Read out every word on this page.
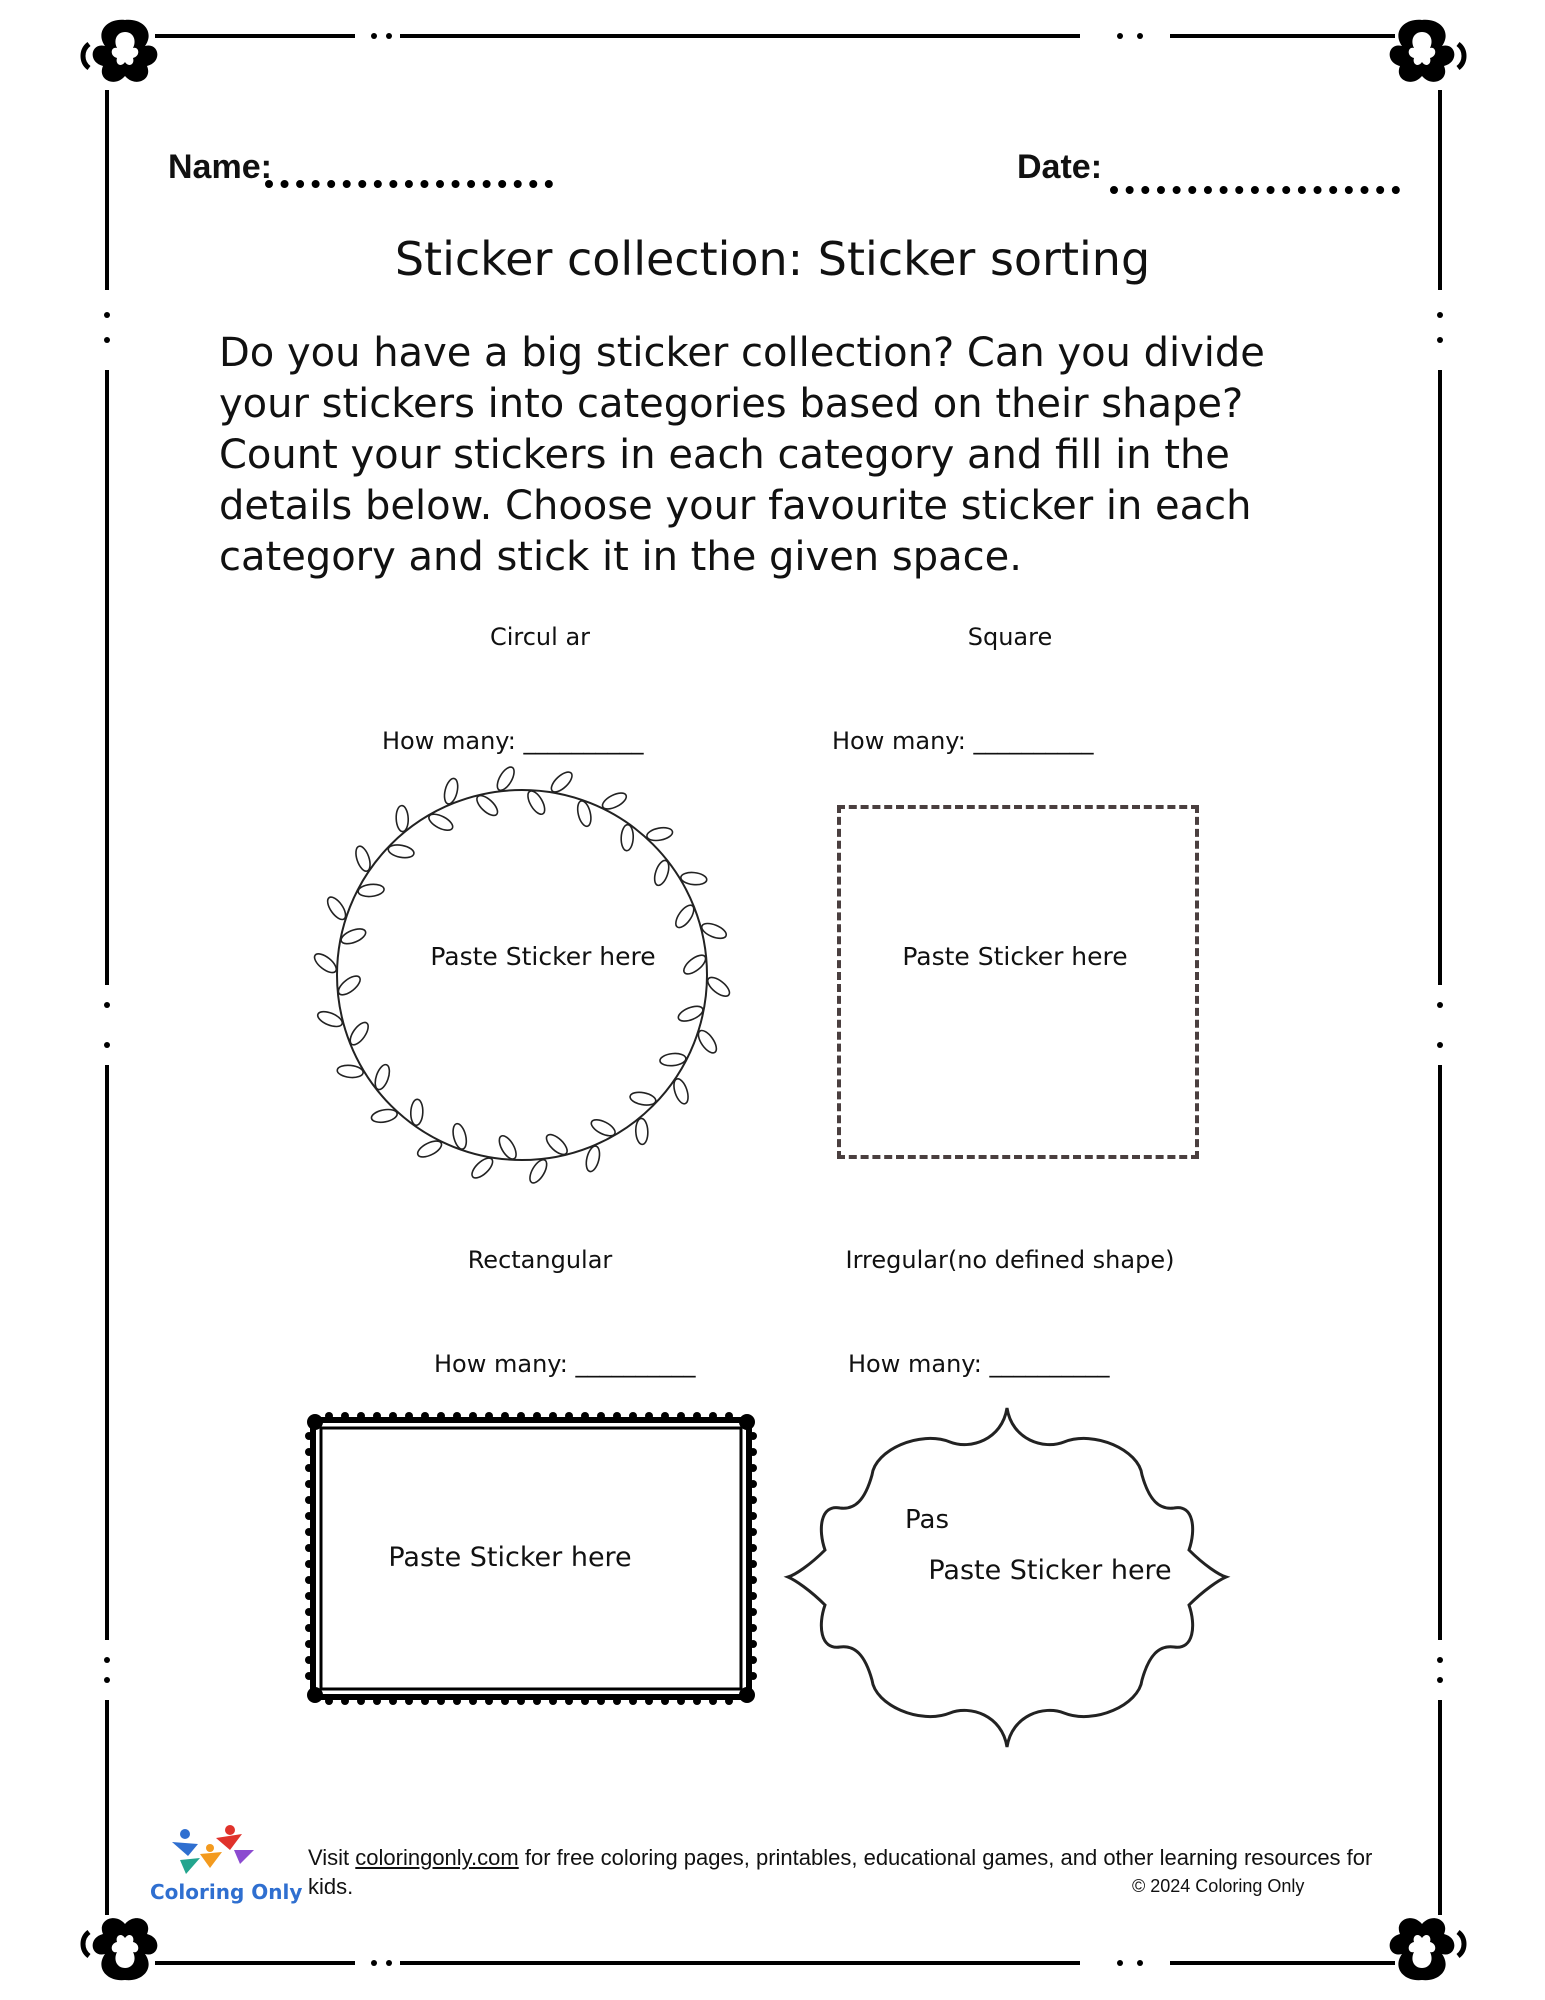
Name:	Date:
Sticker collection: Sticker sorting
Do you have a big sticker collection? Can you divide your stickers into categories based on their shape? Count your stickers in each category and fill in the details below. Choose your favourite sticker in each category and stick it in the given space.
Circul ar
How many: __________
Paste Sticker here
Square
How many: __________
Paste Sticker here
Rectangular
How many: __________
Paste Sticker here
Irregular(no defined shape)
How many: __________
Pas
Paste Sticker here
Coloring Only
Visit coloringonly.com for free coloring pages, printables, educational games, and other learning resources for kids.	© 2024 Coloring Only
